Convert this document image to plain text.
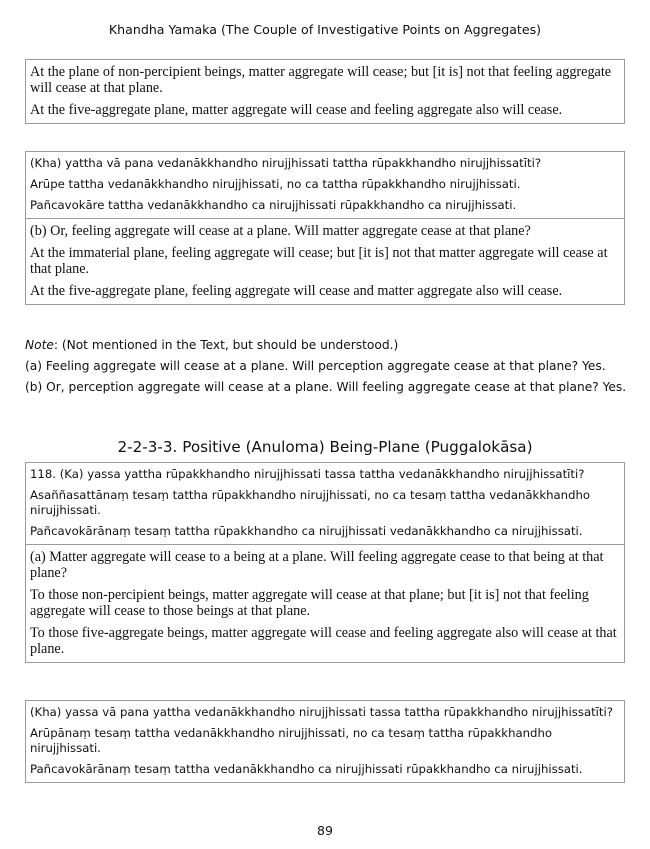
Khandha Yamaka (The Couple of Investigative Points on Aggregates)

At the plane of non-percipient beings, matter aggregate will cease; but [it is] not that feeling aggregate will cease at that plane.

At the five-aggregate plane, matter aggregate will cease and feeling aggregate also will cease.

(Kha) yattha vā pana vedanākkhandho nirujjhissati tattha rūpakkhandho nirujjhissatīti?

Arūpe tattha vedanākkhandho nirujjhissati, no ca tattha rūpakkhandho nirujjhissati.

Pañcavokāre tattha vedanākkhandho ca nirujjhissati rūpakkhandho ca nirujjhissati.

(b) Or, feeling aggregate will cease at a plane. Will matter aggregate cease at that plane?

At the immaterial plane, feeling aggregate will cease; but [it is] not that matter aggregate will cease at that plane.

At the five-aggregate plane, feeling aggregate will cease and matter aggregate also will cease.

Note: (Not mentioned in the Text, but should be understood.)

(a) Feeling aggregate will cease at a plane. Will perception aggregate cease at that plane? Yes.

(b) Or, perception aggregate will cease at a plane. Will feeling aggregate cease at that plane? Yes.

2-2-3-3. Positive (Anuloma) Being-Plane (Puggalokāsa)

118. (Ka) yassa yattha rūpakkhandho nirujjhissati tassa tattha vedanākkhandho nirujjhissatīti?

Asaññasattānaṃ tesaṃ tattha rūpakkhandho nirujjhissati, no ca tesaṃ tattha vedanākkhandho nirujjhissati.

Pañcavokārānaṃ tesaṃ tattha rūpakkhandho ca nirujjhissati vedanākkhandho ca nirujjhissati.

(a) Matter aggregate will cease to a being at a plane. Will feeling aggregate cease to that being at that plane?

To those non-percipient beings, matter aggregate will cease at that plane; but [it is] not that feeling aggregate will cease to those beings at that plane.

To those five-aggregate beings, matter aggregate will cease and feeling aggregate also will cease at that plane.

(Kha) yassa vā pana yattha vedanākkhandho nirujjhissati tassa tattha rūpakkhandho nirujjhissatīti?

Arūpānaṃ tesaṃ tattha vedanākkhandho nirujjhissati, no ca tesaṃ tattha rūpakkhandho nirujjhissati.

Pañcavokārānaṃ tesaṃ tattha vedanākkhandho ca nirujjhissati rūpakkhandho ca nirujjhissati.

89
